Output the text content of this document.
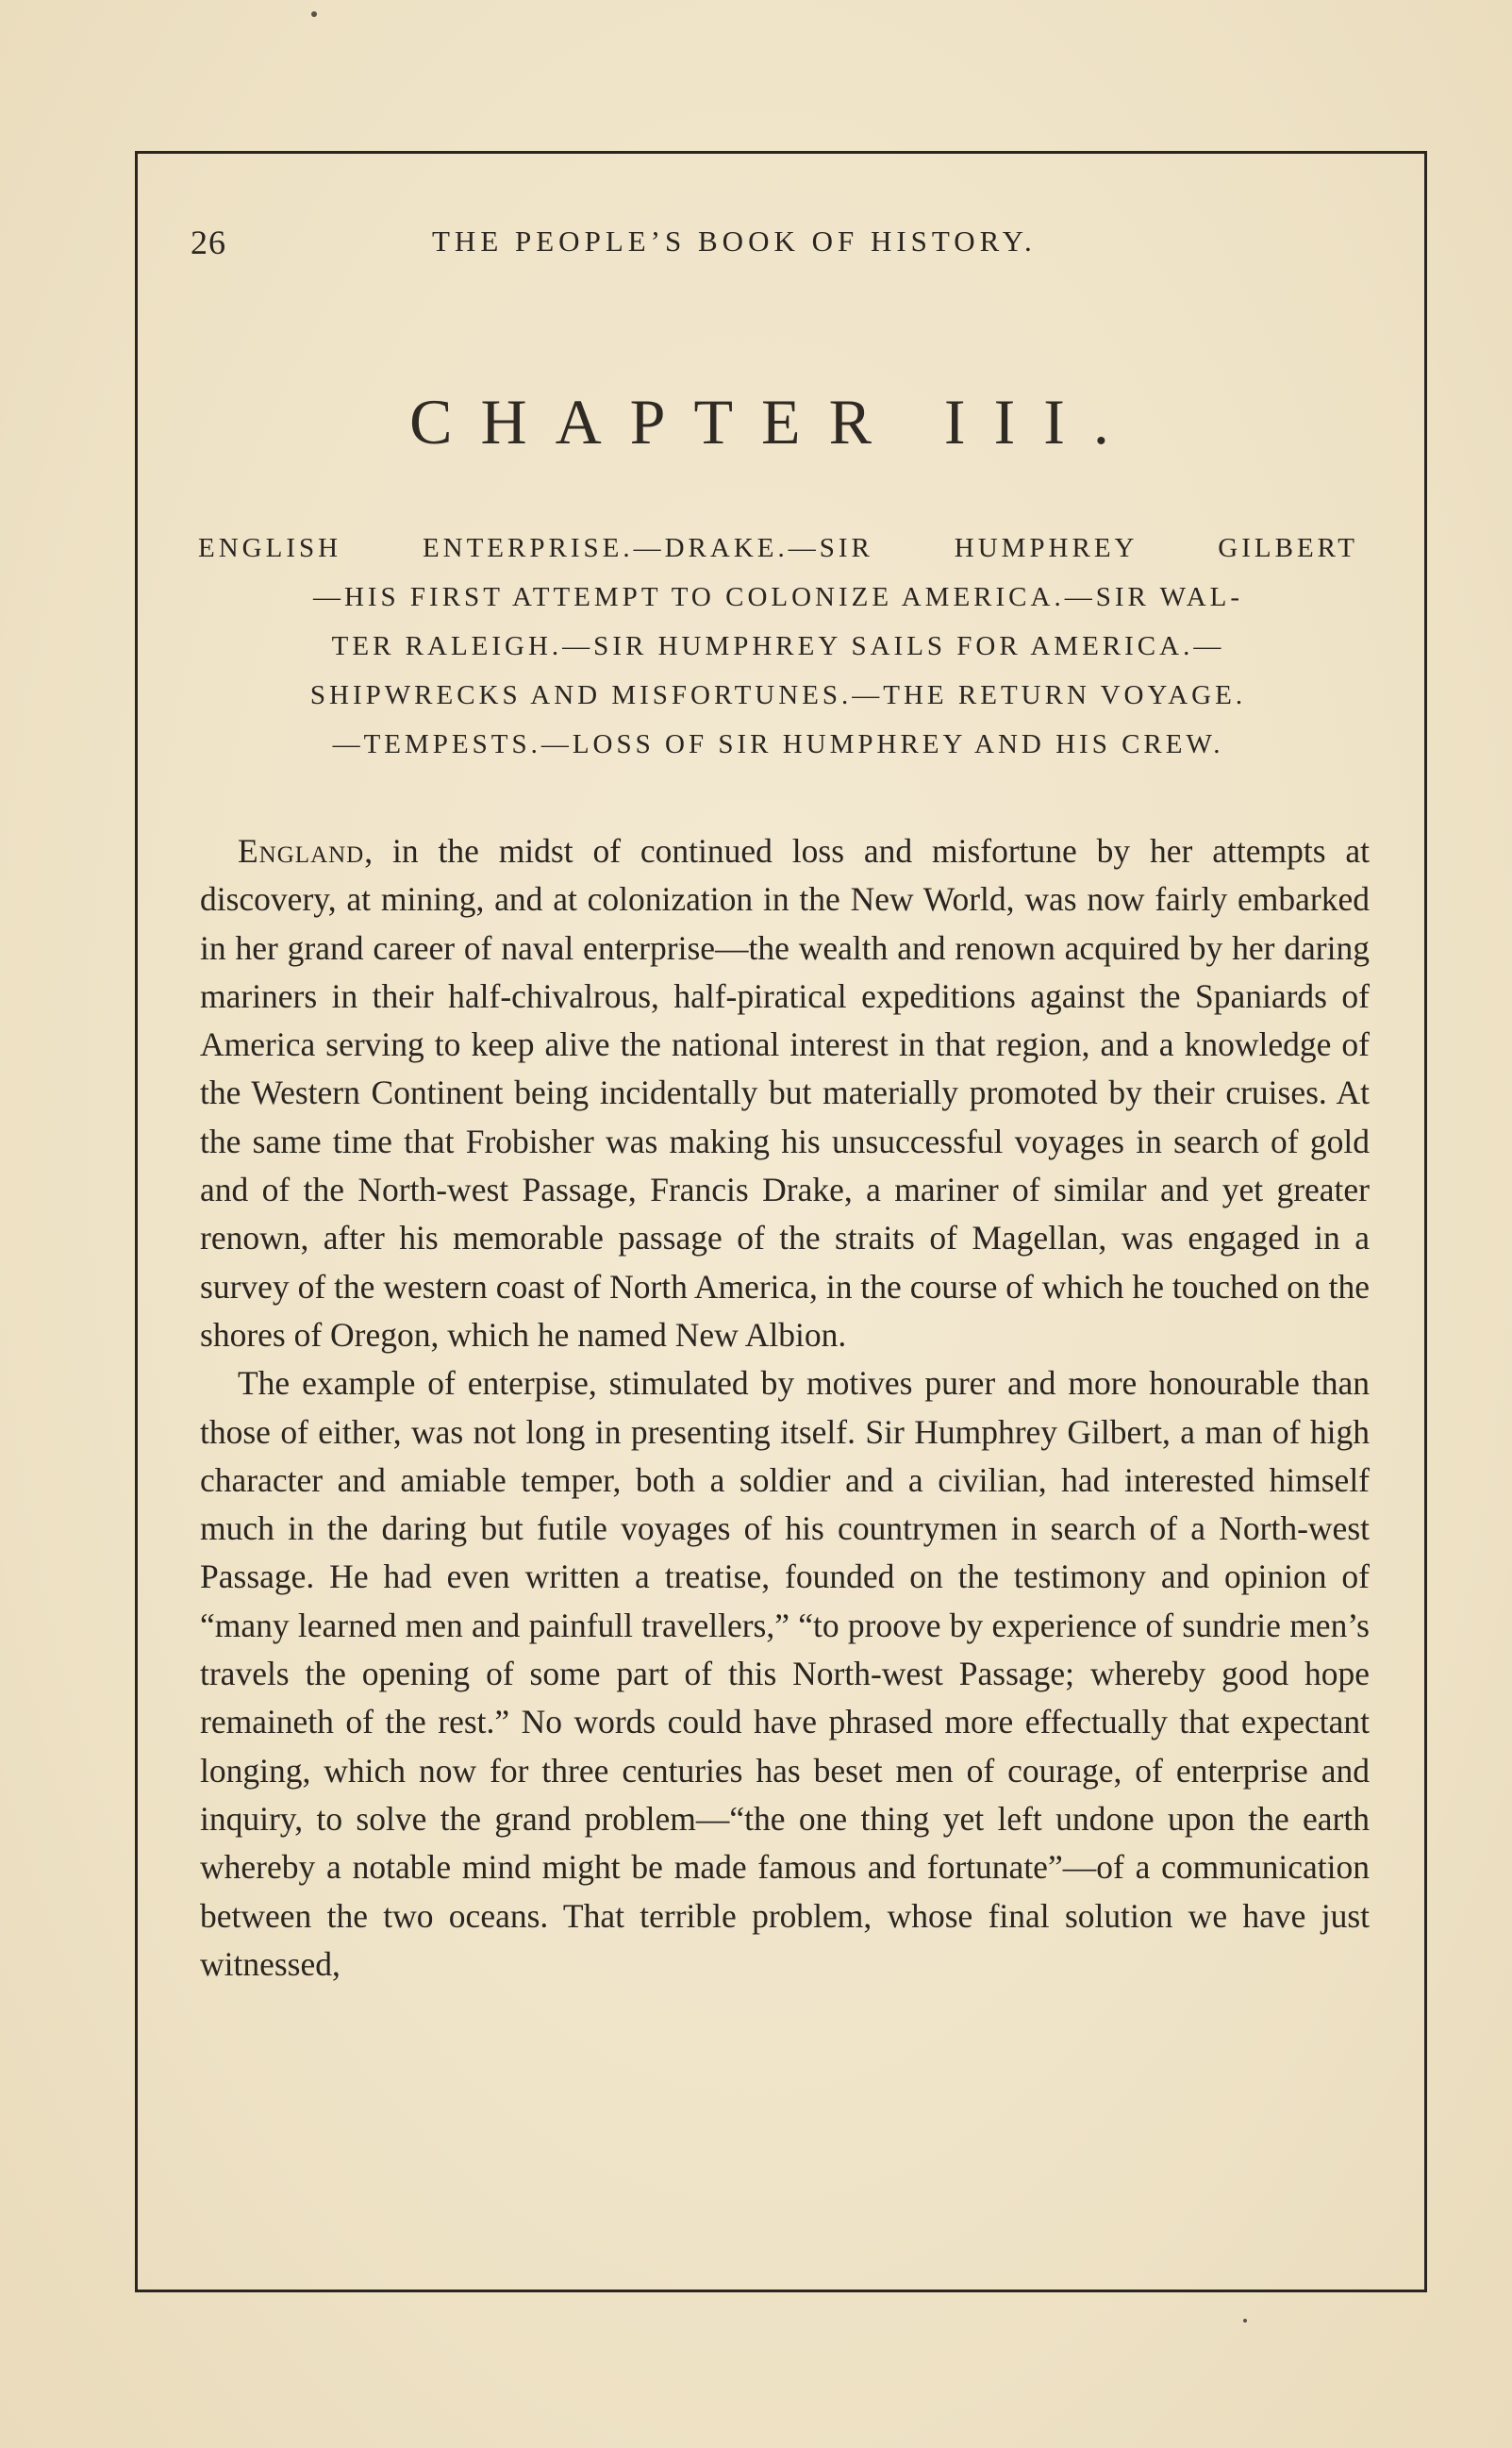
26	THE PEOPLE’S BOOK OF HISTORY.
CHAPTER III.
ENGLISH ENTERPRISE.—DRAKE.—SIR HUMPHREY GILBERT
—HIS FIRST ATTEMPT TO COLONIZE AMERICA.—SIR WAL-
TER RALEIGH.—SIR HUMPHREY SAILS FOR AMERICA.—
SHIPWRECKS AND MISFORTUNES.—THE RETURN VOYAGE.
—TEMPESTS.—LOSS OF SIR HUMPHREY AND HIS CREW.

England, in the midst of continued loss and misfortune by her attempts at discovery, at mining, and at colonization in the New World, was now fairly embarked in her grand career of naval enterprise—the wealth and renown acquired by her daring mariners in their half-chivalrous, half-piratical expeditions against the Spaniards of America serving to keep alive the national interest in that region, and a knowledge of the Western Continent being incidentally but materially promoted by their cruises. At the same time that Frobisher was making his unsuccessful voyages in search of gold and of the North-west Passage, Francis Drake, a mariner of similar and yet greater renown, after his memorable passage of the straits of Magellan, was engaged in a survey of the western coast of North America, in the course of which he touched on the shores of Oregon, which he named New Albion.

The example of enterpise, stimulated by motives purer and more honourable than those of either, was not long in presenting itself. Sir Humphrey Gilbert, a man of high character and amiable temper, both a soldier and a civilian, had interested himself much in the daring but futile voyages of his countrymen in search of a North-west Passage. He had even written a treatise, founded on the testimony and opinion of “many learned men and painfull travellers,” “to proove by experience of sundrie men’s travels the opening of some part of this North-west Passage; whereby good hope remaineth of the rest.” No words could have phrased more effectually that expectant longing, which now for three centuries has beset men of courage, of enterprise and inquiry, to solve the grand problem—“the one thing yet left undone upon the earth whereby a notable mind might be made famous and fortunate”—of a communication between the two oceans. That terrible problem, whose final solution we have just witnessed,
